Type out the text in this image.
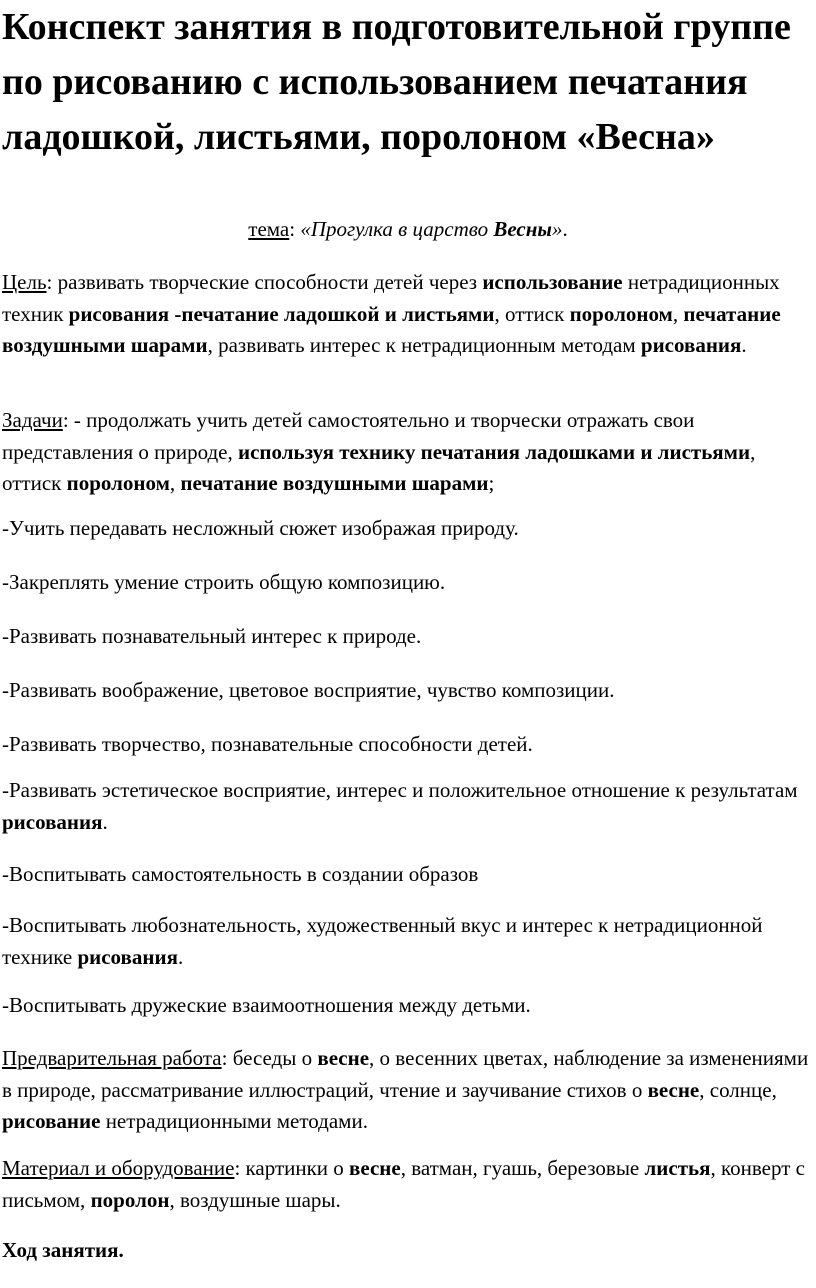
Конспект занятия в подготовительной группе по рисованию с использованием печатания ладошкой, листьями, поролоном «Весна»
тема: «Прогулка в царство Весны».

Цель: развивать творческие способности детей через использование нетрадиционных техник рисования -печатание ладошкой и листьями, оттиск поролоном, печатание воздушными шарами, развивать интерес к нетрадиционным методам рисования.

Задачи: - продолжать учить детей самостоятельно и творчески отражать свои представления о природе, используя технику печатания ладошками и листьями, оттиск поролоном, печатание воздушными шарами;

-Учить передавать несложный сюжет изображая природу.

-Закреплять умение строить общую композицию.

-Развивать познавательный интерес к природе.

-Развивать воображение, цветовое восприятие, чувство композиции.

-Развивать творчество, познавательные способности детей.

-Развивать эстетическое восприятие, интерес и положительное отношение к результатам рисования.

-Воспитывать самостоятельность в создании образов

-Воспитывать любознательность, художественный вкус и интерес к нетрадиционной технике рисования.

-Воспитывать дружеские взаимоотношения между детьми.

Предварительная работа: беседы о весне, о весенних цветах, наблюдение за изменениями в природе, рассматривание иллюстраций, чтение и заучивание стихов о весне, солнце, рисование нетрадиционными методами.

Материал и оборудование: картинки о весне, ватман, гуашь, березовые листья, конверт с письмом, поролон, воздушные шары.

Ход занятия.
